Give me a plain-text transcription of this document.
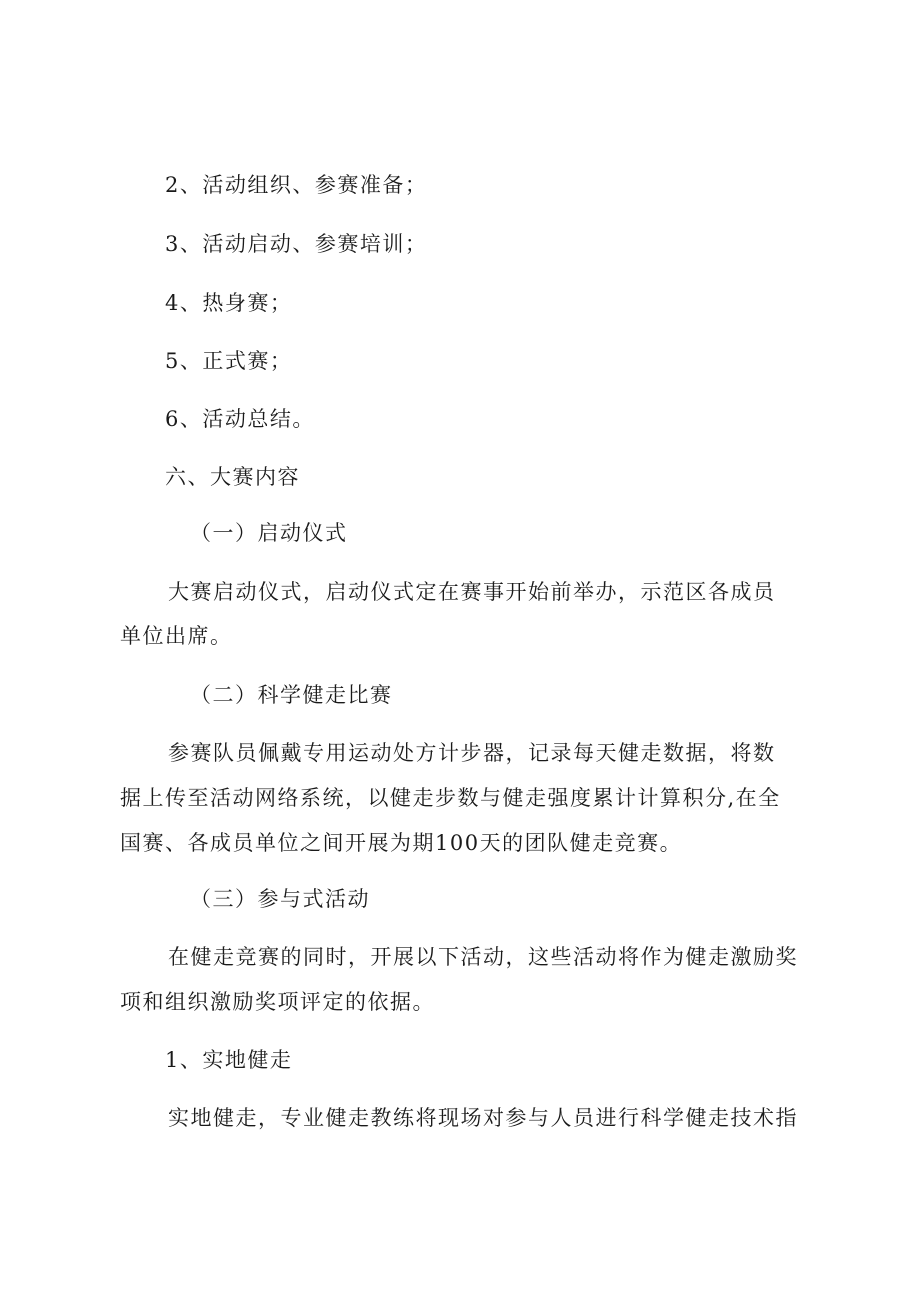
2、活动组织、参赛准备；
3、活动启动、参赛培训；
4、热身赛；
5、正式赛；
6、活动总结。
六、大赛内容
（一）启动仪式
大赛启动仪式，启动仪式定在赛事开始前举办，示范区各成员
单位出席。
（二）科学健走比赛
参赛队员佩戴专用运动处方计步器，记录每天健走数据，将数
据上传至活动网络系统，以健走步数与健走强度累计计算积分,在全
国赛、各成员单位之间开展为期100天的团队健走竞赛。
（三）参与式活动
在健走竞赛的同时，开展以下活动，这些活动将作为健走激励奖
项和组织激励奖项评定的依据。
1、实地健走
实地健走，专业健走教练将现场对参与人员进行科学健走技术指
